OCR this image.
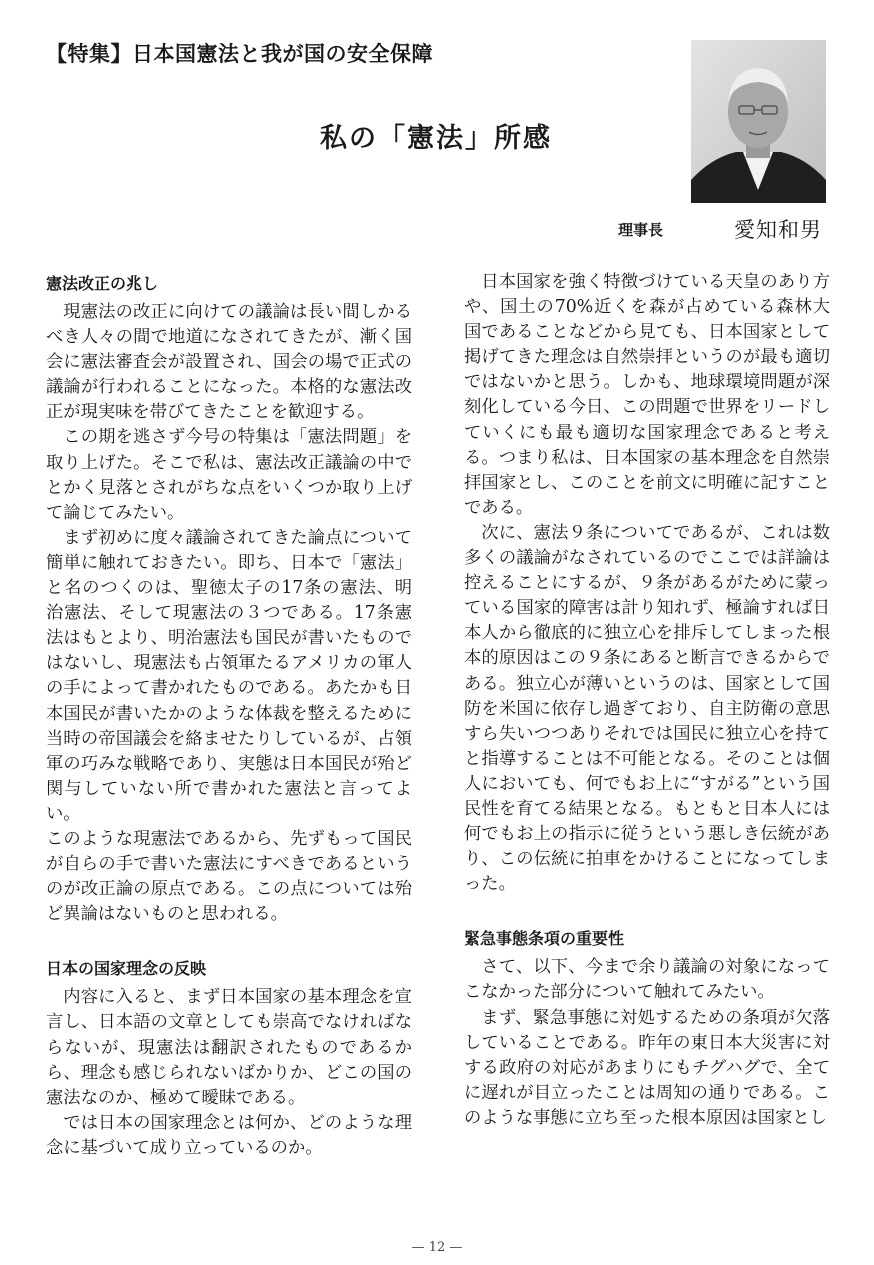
【特集】日本国憲法と我が国の安全保障
私の「憲法」所感
理事長	愛知和男
憲法改正の兆し

現憲法の改正に向けての議論は長い間しかるべき人々の間で地道になされてきたが、漸く国会に憲法審査会が設置され、国会の場で正式の議論が行われることになった。本格的な憲法改正が現実味を帯びてきたことを歓迎する。

この期を逃さず今号の特集は「憲法問題」を取り上げた。そこで私は、憲法改正議論の中でとかく見落とされがちな点をいくつか取り上げて論じてみたい。

まず初めに度々議論されてきた論点について簡単に触れておきたい。即ち、日本で「憲法」と名のつくのは、聖徳太子の17条の憲法、明治憲法、そして現憲法の３つである。17条憲法はもとより、明治憲法も国民が書いたものではないし、現憲法も占領軍たるアメリカの軍人の手によって書かれたものである。あたかも日本国民が書いたかのような体裁を整えるために当時の帝国議会を絡ませたりしているが、占領軍の巧みな戦略であり、実態は日本国民が殆ど関与していない所で書かれた憲法と言ってよい。

このような現憲法であるから、先ずもって国民が自らの手で書いた憲法にすべきであるというのが改正論の原点である。この点については殆ど異論はないものと思われる。

日本の国家理念の反映

内容に入ると、まず日本国家の基本理念を宣言し、日本語の文章としても崇高でなければならないが、現憲法は翻訳されたものであるから、理念も感じられないばかりか、どこの国の憲法なのか、極めて曖昧である。

では日本の国家理念とは何か、どのような理念に基づいて成り立っているのか。

日本国家を強く特徴づけている天皇のあり方や、国土の70%近くを森が占めている森林大国であることなどから見ても、日本国家として掲げてきた理念は自然崇拝というのが最も適切ではないかと思う。しかも、地球環境問題が深刻化している今日、この問題で世界をリードしていくにも最も適切な国家理念であると考える。つまり私は、日本国家の基本理念を自然崇拝国家とし、このことを前文に明確に記すことである。

次に、憲法９条についてであるが、これは数多くの議論がなされているのでここでは詳論は控えることにするが、９条があるがために蒙っている国家的障害は計り知れず、極論すれば日本人から徹底的に独立心を排斥してしまった根本的原因はこの９条にあると断言できるからである。独立心が薄いというのは、国家として国防を米国に依存し過ぎており、自主防衛の意思すら失いつつありそれでは国民に独立心を持てと指導することは不可能となる。そのことは個人においても、何でもお上に“すがる”という国民性を育てる結果となる。もともと日本人には何でもお上の指示に従うという悪しき伝統があり、この伝統に拍車をかけることになってしまった。

緊急事態条項の重要性

さて、以下、今まで余り議論の対象になってこなかった部分について触れてみたい。

まず、緊急事態に対処するための条項が欠落していることである。昨年の東日本大災害に対する政府の対応があまりにもチグハグで、全てに遅れが目立ったことは周知の通りである。このような事態に立ち至った根本原因は国家とし

— 12 —
